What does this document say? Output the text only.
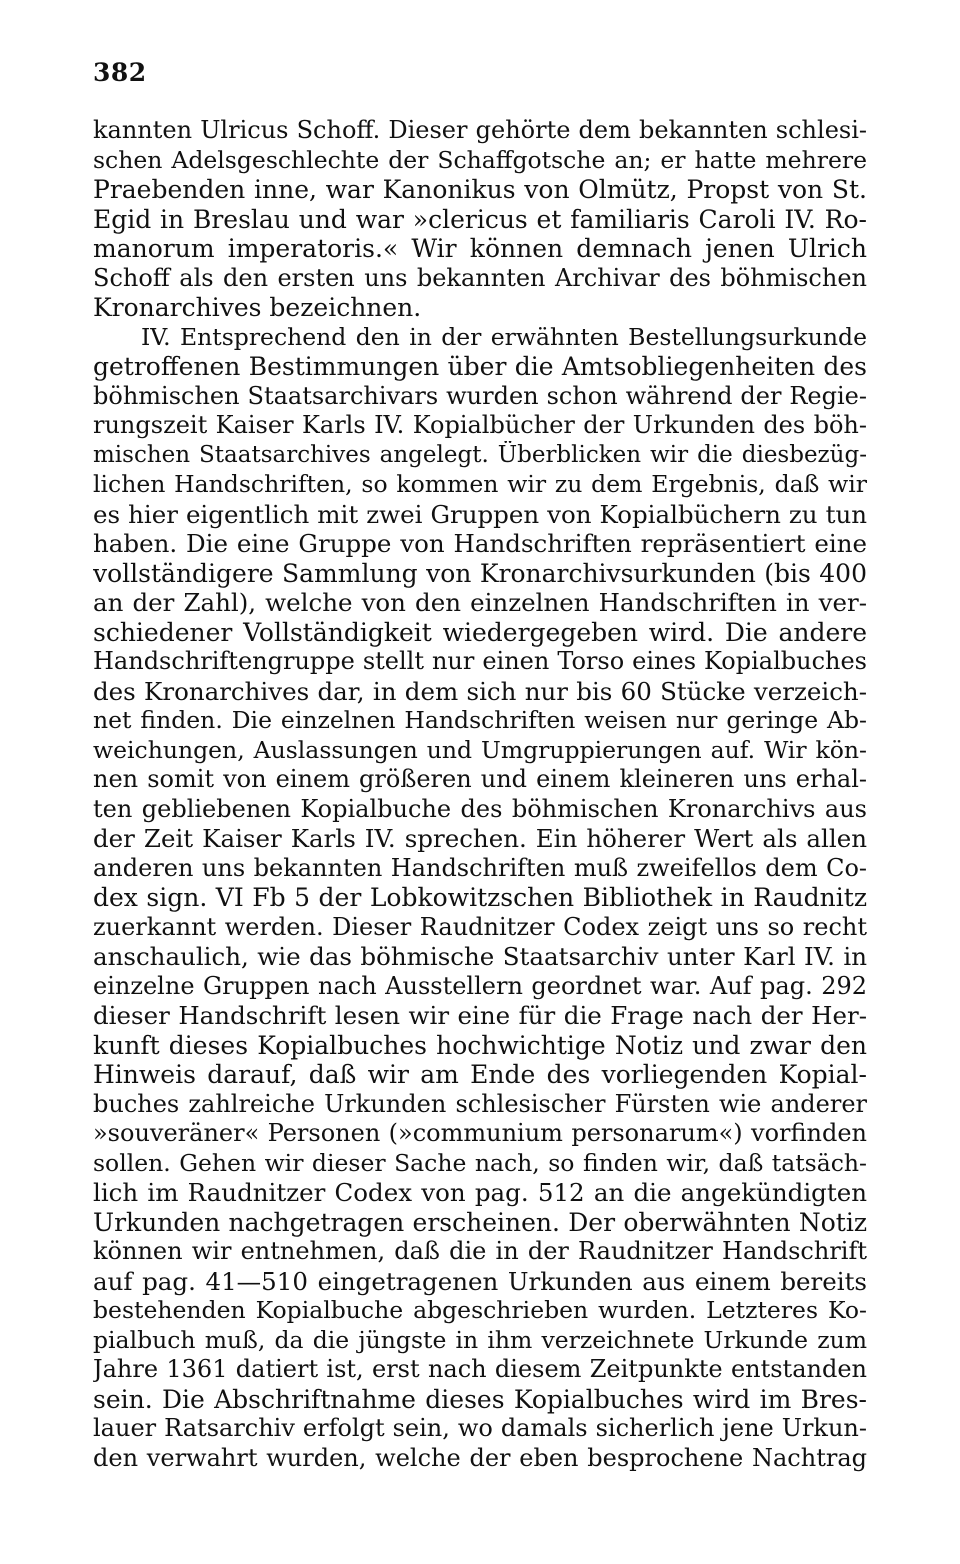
382
kannten Ulricus Schoff. Dieser gehörte dem bekannten schlesi-
schen Adelsgeschlechte der Schaffgotsche an; er hatte mehrere
Praebenden inne, war Kanonikus von Olmütz, Propst von St.
Egid in Breslau und war »clericus et familiaris Caroli IV. Ro-
manorum imperatoris.« Wir können demnach jenen Ulrich
Schoff als den ersten uns bekannten Archivar des böhmischen
Kronarchives bezeichnen.
IV. Entsprechend den in der erwähnten Bestellungsurkunde
getroffenen Bestimmungen über die Amtsobliegenheiten des
böhmischen Staatsarchivars wurden schon während der Regie-
rungszeit Kaiser Karls IV. Kopialbücher der Urkunden des böh-
mischen Staatsarchives angelegt. Überblicken wir die diesbezüg-
lichen Handschriften, so kommen wir zu dem Ergebnis, daß wir
es hier eigentlich mit zwei Gruppen von Kopialbüchern zu tun
haben. Die eine Gruppe von Handschriften repräsentiert eine
vollständigere Sammlung von Kronarchivsurkunden (bis 400
an der Zahl), welche von den einzelnen Handschriften in ver-
schiedener Vollständigkeit wiedergegeben wird. Die andere
Handschriftengruppe stellt nur einen Torso eines Kopialbuches
des Kronarchives dar, in dem sich nur bis 60 Stücke verzeich-
net finden. Die einzelnen Handschriften weisen nur geringe Ab-
weichungen, Auslassungen und Umgruppierungen auf. Wir kön-
nen somit von einem größeren und einem kleineren uns erhal-
ten gebliebenen Kopialbuche des böhmischen Kronarchivs aus
der Zeit Kaiser Karls IV. sprechen. Ein höherer Wert als allen
anderen uns bekannten Handschriften muß zweifellos dem Co-
dex sign. VI Fb 5 der Lobkowitzschen Bibliothek in Raudnitz
zuerkannt werden. Dieser Raudnitzer Codex zeigt uns so recht
anschaulich, wie das böhmische Staatsarchiv unter Karl IV. in
einzelne Gruppen nach Ausstellern geordnet war. Auf pag. 292
dieser Handschrift lesen wir eine für die Frage nach der Her-
kunft dieses Kopialbuches hochwichtige Notiz und zwar den
Hinweis darauf, daß wir am Ende des vorliegenden Kopial-
buches zahlreiche Urkunden schlesischer Fürsten wie anderer
»souveräner« Personen (»communium personarum«) vorfinden
sollen. Gehen wir dieser Sache nach, so finden wir, daß tatsäch-
lich im Raudnitzer Codex von pag. 512 an die angekündigten
Urkunden nachgetragen erscheinen. Der oberwähnten Notiz
können wir entnehmen, daß die in der Raudnitzer Handschrift
auf pag. 41—510 eingetragenen Urkunden aus einem bereits
bestehenden Kopialbuche abgeschrieben wurden. Letzteres Ko-
pialbuch muß, da die jüngste in ihm verzeichnete Urkunde zum
Jahre 1361 datiert ist, erst nach diesem Zeitpunkte entstanden
sein. Die Abschriftnahme dieses Kopialbuches wird im Bres-
lauer Ratsarchiv erfolgt sein, wo damals sicherlich jene Urkun-
den verwahrt wurden, welche der eben besprochene Nachtrag
